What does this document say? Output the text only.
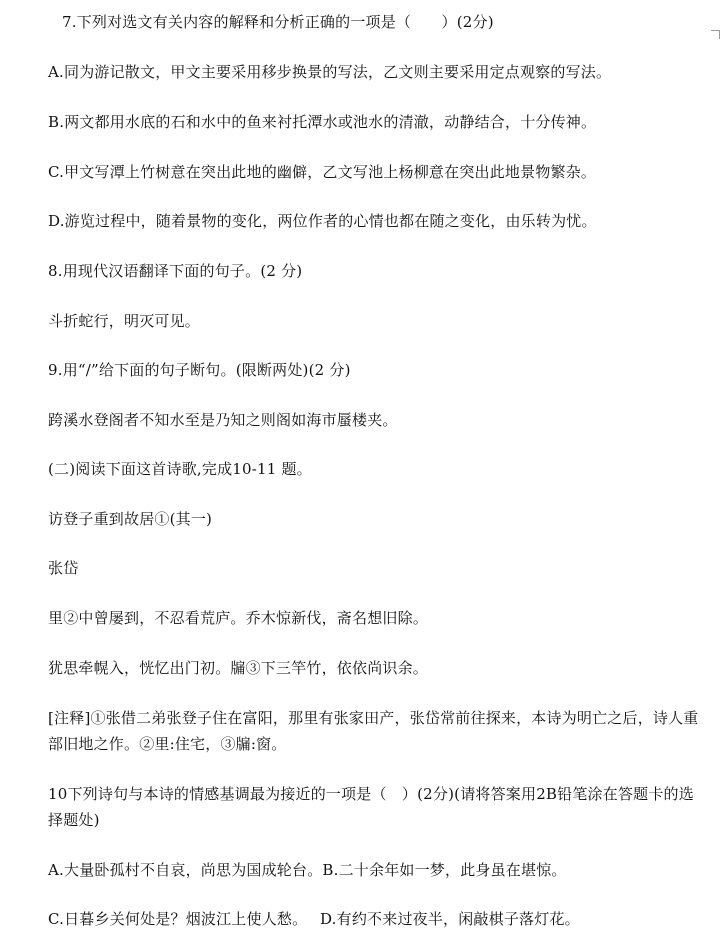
7.下列对选文有关内容的解释和分析正确的一项是（　　）(2分)
A.同为游记散文，甲文主要采用移步换景的写法，乙文则主要采用定点观察的写法。
B.两文都用水底的石和水中的鱼来衬托潭水或池水的清澈，动静结合，十分传神。
C.甲文写潭上竹树意在突出此地的幽僻，乙文写池上杨柳意在突出此地景物繁杂。
D.游览过程中，随着景物的变化，两位作者的心情也都在随之变化，由乐转为忧。
8.用现代汉语翻译下面的句子。(2 分)
斗折蛇行，明灭可见。
9.用“/”给下面的句子断句。(限断两处)(2 分)
跨溪水登阁者不知水至是乃知之则阁如海市蜃楼夹。
(二)阅读下面这首诗歌,完成10-11 题。
访登子重到故居①(其一)
张岱
里②中曾屡到，不忍看荒庐。乔木惊新伐，斋名想旧除。
犹思牵幌入，恍忆出门初。牖③下三竿竹，依依尚识余。
[注释]①张借二弟张登子住在富阳，那里有张家田产，张岱常前往探来，本诗为明亡之后，诗人重部旧地之作。②里:住宅，③牖:窗。
10下列诗句与本诗的情感基调最为接近的一项是（　）(2分)(请将答案用2B铅笔涂在答题卡的选择题处)
A.大量卧孤村不自哀，尚思为国成轮台。B.二十余年如一梦，此身虽在堪惊。
C.日暮乡关何处是？烟波江上使人愁。　 D.有约不来过夜半，闲敲棋子落灯花。
